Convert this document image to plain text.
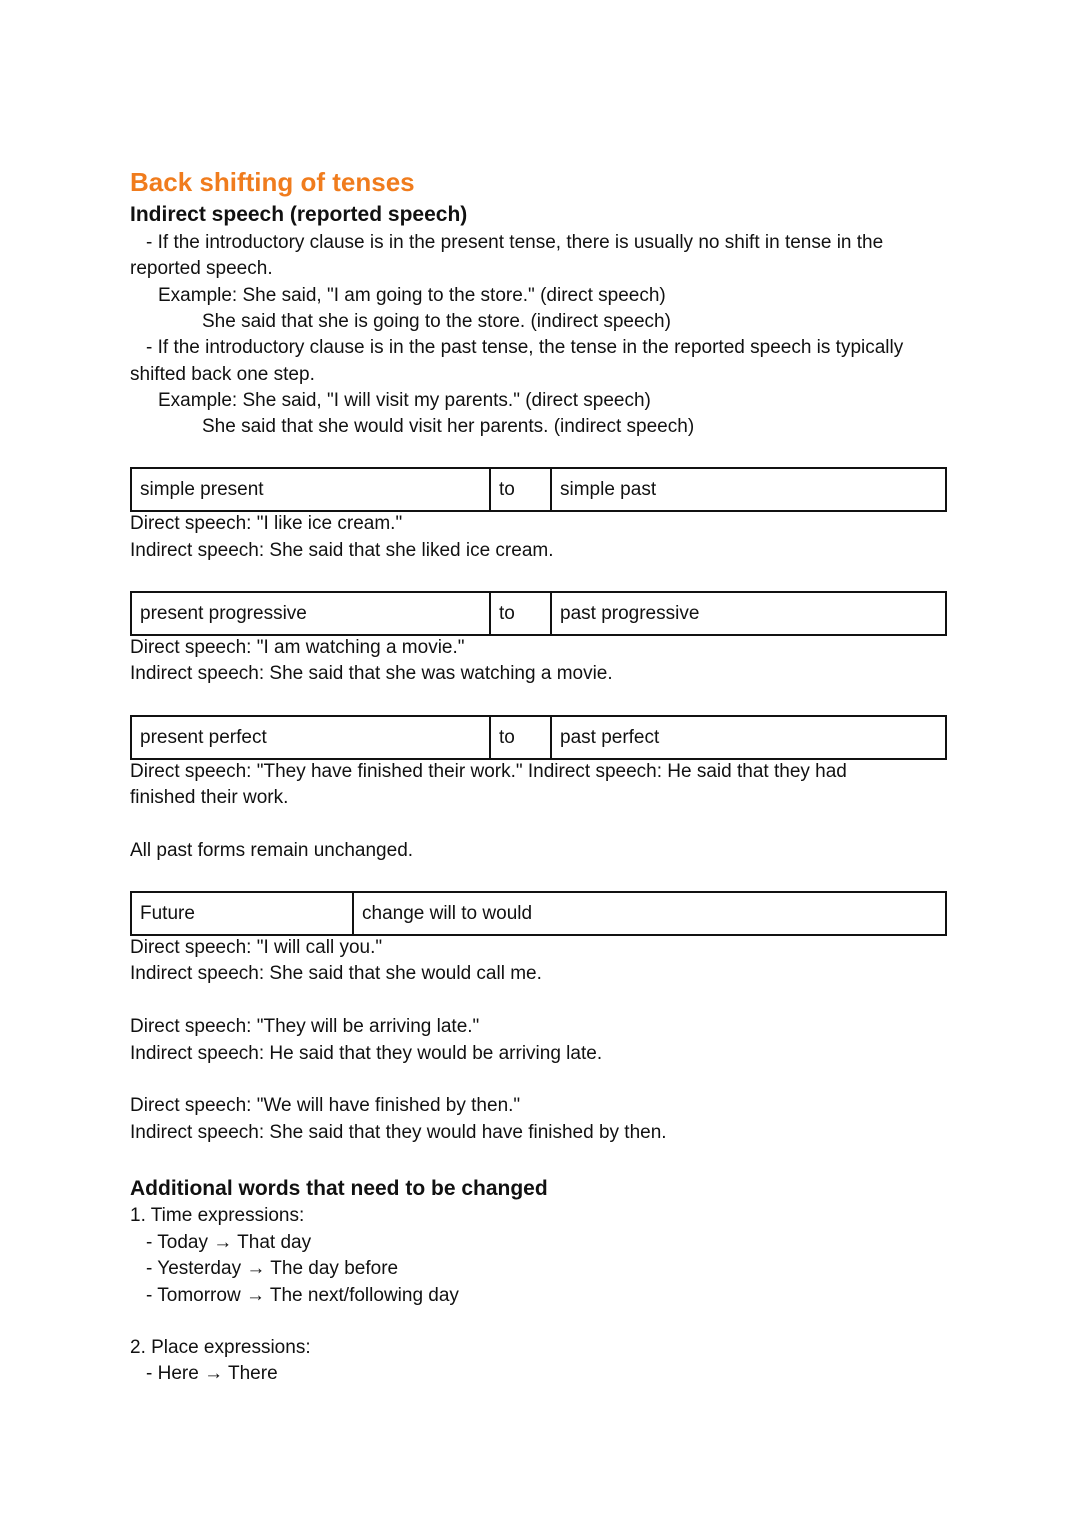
Back shifting of tenses
Indirect speech (reported speech)
- If the introductory clause is in the present tense, there is usually no shift in tense in the
reported speech.
Example: She said, "I am going to the store." (direct speech)
She said that she is going to the store. (indirect speech)
- If the introductory clause is in the past tense, the tense in the reported speech is typically
shifted back one step.
Example: She said, "I will visit my parents." (direct speech)
She said that she would visit her parents. (indirect speech)
simple present	to	simple past
Direct speech: "I like ice cream."
Indirect speech: She said that she liked ice cream.
present progressive	to	past progressive
Direct speech: "I am watching a movie."
Indirect speech: She said that she was watching a movie.
present perfect	to	past perfect
Direct speech: "They have finished their work." Indirect speech: He said that they had
finished their work.
All past forms remain unchanged.
Future	change will to would
Direct speech: "I will call you."
Indirect speech: She said that she would call me.
Direct speech: "They will be arriving late."
Indirect speech: He said that they would be arriving late.
Direct speech: "We will have finished by then."
Indirect speech: She said that they would have finished by then.
Additional words that need to be changed
1. Time expressions:
- Today → That day
- Yesterday → The day before
- Tomorrow → The next/following day
2. Place expressions:
- Here → There
